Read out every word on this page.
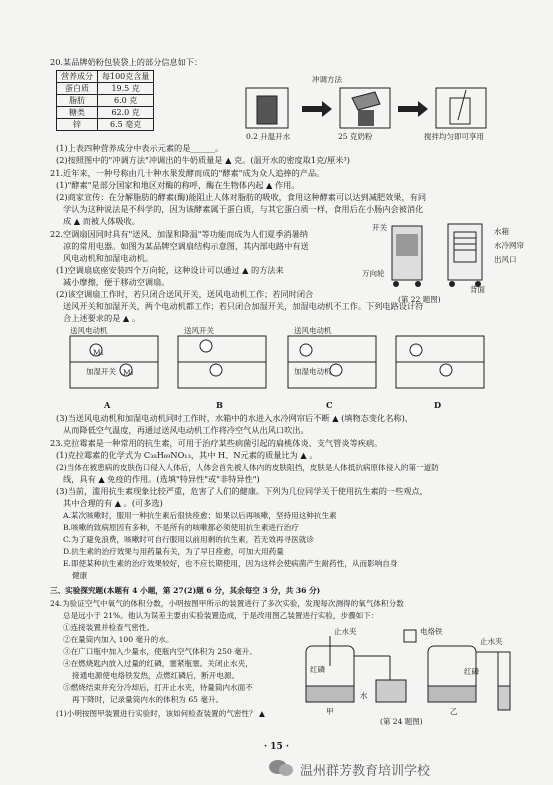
20.某品牌奶粉包装袋上的部分信息如下：
营养成分	每100克含量
蛋白质	19.5 克
脂肪	6.0 克
糖类	62.0 克
锌	6.5 毫克
冲调方法
0.2 升温开水	25 克奶粉	搅拌均匀即可享用
(1)上表四种营养成分中表示元素的是______。
(2)按照图中的"冲调方法"冲调出的牛奶质量是 ▲ 克。(温开水的密度取1克/厘米³)
21.近年来，一种号称由几十种水果发酵而成的"酵素"成为众人追捧的产品。
(1)"酵素"是部分国家和地区对酶的称呼，酶在生物体内起 ▲ 作用。
(2)商家宣传：在分解脂肪的酵素(酶)能阻止人体对脂肪的吸收，食用这种酵素可以达到减肥效果，有同
学认为这种说法是不科学的，因为该酵素属于蛋白质，与其它蛋白质一样，食用后在小肠内会被消化
成 ▲ 而被人体吸收。
22.空调扇因同时具有"送风、加湿和降温"等功能而成为人们夏季消暑纳
凉的常用电器。如图为某品牌空调扇结构示意图，其内部电路中有送
风电动机和加湿电动机。
(1)空调扇底座安装四个万向轮，这种设计可以通过 ▲ 的方法来
减小摩擦，便于移动空调扇。
(2)该空调扇工作时，若只闭合送风开关，送风电动机工作；若同时闭合
送风开关和加湿开关，两个电动机都工作；若只闭合加湿开关，加湿电动机不工作。下列电路设计符
合上述要求的是 ▲ 。
开关	水箱
水冷网帘
出风口
万向轮
背面
(第 22 题图)
送风电动机
加湿开关
送风开关	送风电动机
加湿电动机
M₁
M₂
A	B	C	D
(3)当送风电动机和加湿电动机同时工作时，水箱中的水进入水冷网帘后不断 ▲ (填物态变化名称)，
从而降低空气温度，再通过送风电动机工作将冷空气从出风口吹出。
23.克拉霉素是一种常用的抗生素，可用于治疗某些病菌引起的扁桃体炎、支气管炎等疾病。
(1)克拉霉素的化学式为 C₃₈H₆₉NO₁₃，其中 H、N元素的质量比为 ▲ 。
(2)当体在被患病的皮肤伤口侵入人体后，人体会首先被人体内的皮肤阻挡，皮肤是人体抵抗病原体侵入的第一道防
线，具有 ▲ 免疫的作用。(选填"特异性"或"非特异性")
(3)当前，滥用抗生素现象比较严重，危害了人们的健康。下列为几位同学关于使用抗生素的一些观点，
其中合理的有 ▲ 。(可多选)
A.某次咳嗽时，服用一种抗生素后很快痊愈；如果以后再咳嗽，坚持用这种抗生素
B.咳嗽的致病原因有多种，不是所有的咳嗽都必须使用抗生素进行治疗
C.为了避免浪费，咳嗽时可自行服用以前用剩的抗生素，若无效再寻医就诊
D.抗生素的治疗效果与用药量有关，为了早日痊愈，可加大用药量
E.即使某种抗生素的治疗效果较好，也不应长期使用，因为这样会使病菌产生耐药性，从而影响自身
健康
三、实验探究题(本题有 4 小题，第 27(2)题 6 分，其余每空 3 分，共 36 分)
24.为验证空气中氧气的体积分数，小明按图甲所示的装置进行了多次实验，发现每次测得的氧气体积分数
总是远小于 21%。他认为误差主要由实验装置造成，于是改用图乙装置进行实验，步骤如下：
①连接装置并检查气密性。
②在量筒内加入 100 毫升的水。
③在广口瓶中加入少量水，使瓶内空气体积为 250 毫升。
④在燃烧匙内放入过量的红磷，塞紧瓶塞。关闭止水夹，
接通电源使电烙铁发热，点燃红磷后，断开电源。
⑤燃烧结束并充分冷却后，打开止水夹，待量筒内水面不
再下降时，记录量筒内水的体积为 65 毫升。
(1)小明按图甲装置进行实验时，该如何检查装置的气密性？ ▲
止水夹	电烙铁
止水夹
红磷	红磷
水
甲	乙
(第 24 题图)
· 15 ·
温州群芳教育培训学校
